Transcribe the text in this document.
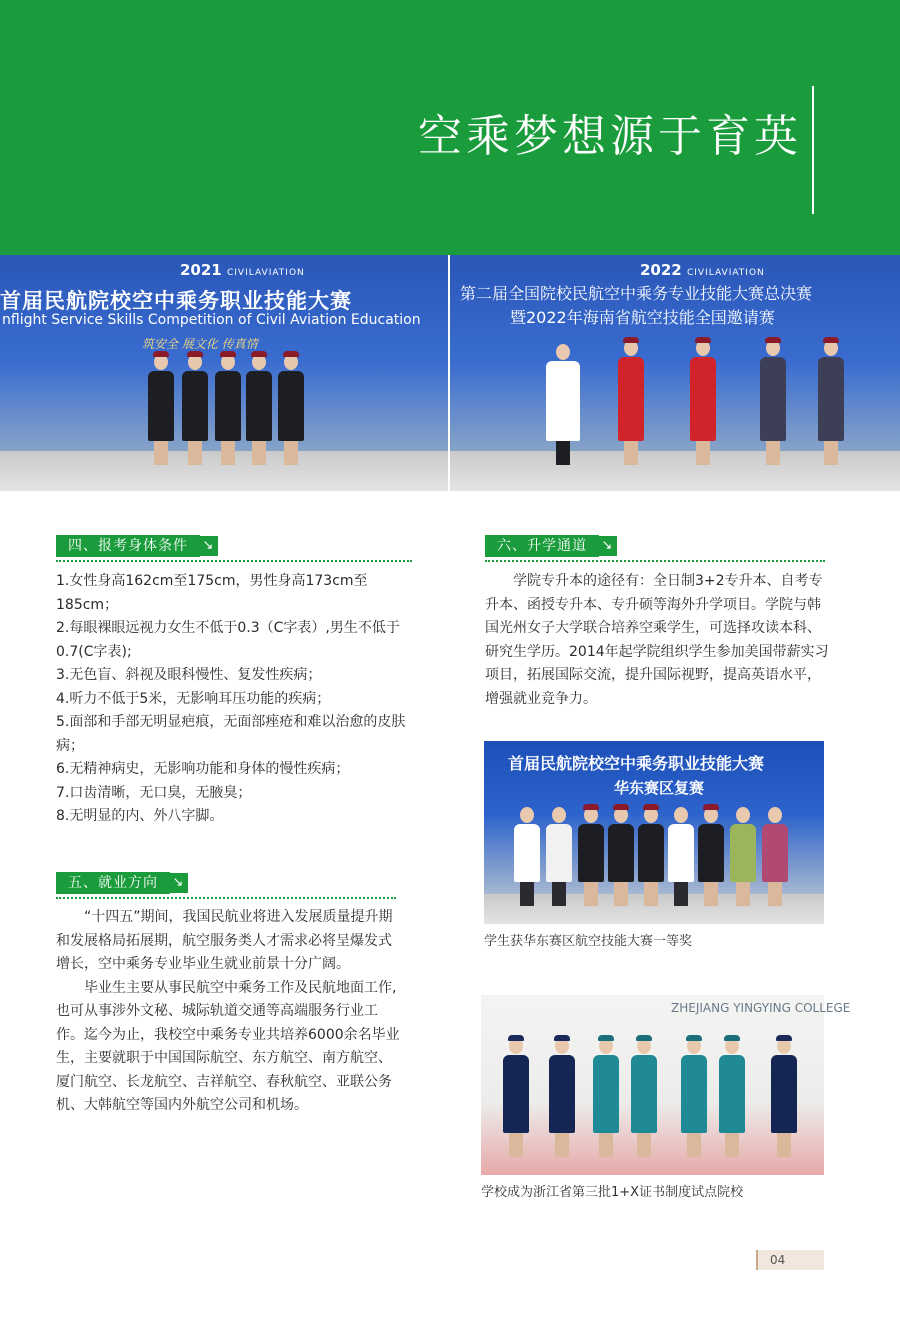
空乘梦想源于育英
2021 CIVILAVIATION
首届民航院校空中乘务职业技能大赛
nflight Service Skills Competition of Civil Aviation Education
筑安全 展文化 传真情
2022 CIVILAVIATION
第二届全国院校民航空中乘务专业技能大赛总决赛
暨2022年海南省航空技能全国邀请赛
四、报考身体条件	↘

1.女性身高162cm至175cm，男性身高173cm至185cm；

2.每眼裸眼远视力女生不低于0.3（C字表）,男生不低于0.7(C字表);

3.无色盲、斜视及眼科慢性、复发性疾病；

4.听力不低于5米，无影响耳压功能的疾病；

5.面部和手部无明显疤痕，无面部痤疮和难以治愈的皮肤病；

6.无精神病史，无影响功能和身体的慢性疾病；

7.口齿清晰，无口臭，无腋臭；

8.无明显的内、外八字脚。

五、就业方向	↘

“十四五”期间，我国民航业将进入发展质量提升期和发展格局拓展期，航空服务类人才需求必将呈爆发式增长，空中乘务专业毕业生就业前景十分广阔。

毕业生主要从事民航空中乘务工作及民航地面工作,也可从事涉外文秘、城际轨道交通等高端服务行业工作。迄今为止，我校空中乘务专业共培养6000余名毕业生，主要就职于中国国际航空、东方航空、南方航空、厦门航空、长龙航空、吉祥航空、春秋航空、亚联公务机、大韩航空等国内外航空公司和机场。

六、升学通道	↘

学院专升本的途径有：全日制3+2专升本、自考专升本、函授专升本、专升硕等海外升学项目。学院与韩国光州女子大学联合培养空乘学生，可选择攻读本科、研究生学历。2014年起学院组织学生参加美国带薪实习项目，拓展国际交流，提升国际视野，提高英语水平，增强就业竞争力。

首届民航院校空中乘务职业技能大赛
华东赛区复赛
学生获华东赛区航空技能大赛一等奖
ZHEJIANG YINGYING COLLEGE
学校成为浙江省第三批1+X证书制度试点院校
04
